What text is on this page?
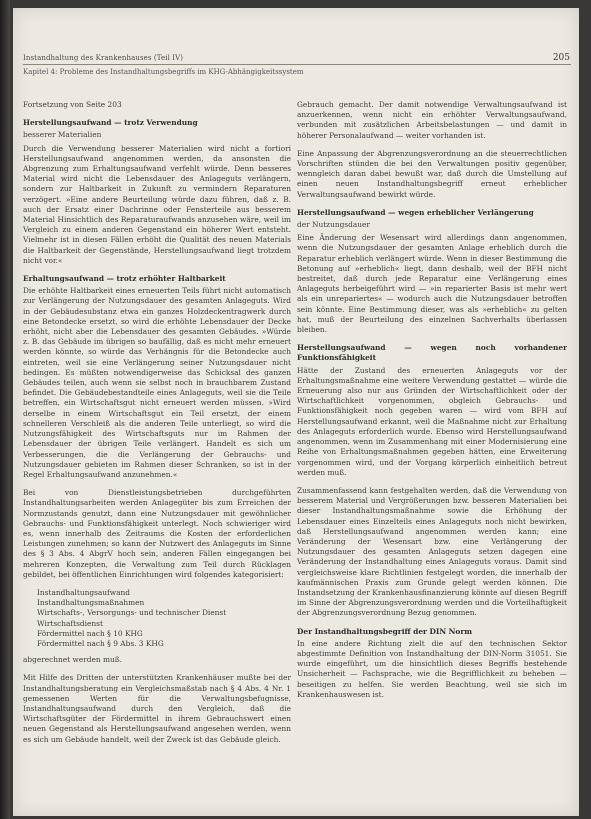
Instandhaltung des Krankenhauses (Teil IV)	205
Kapitel 4: Probleme des Instandhaltungsbegriffs im KHG-Abhängigkeitssystem

Fortsetzung von Seite 203

Herstellungsaufwand — trotz Verwendung
besserer Materialien

Durch die Verwendung besserer Materialien wird nicht a fortiori Herstellungsaufwand angenommen werden, da ansonsten die Abgrenzung zum Erhaltungsaufwand verfehlt würde. Denn besseres Material wird nicht die Lebensdauer des Anlageguts verlängern, sondern zur Haltbarkeit in Zukunft zu vermindern Reparaturen verzögert. »Eine andere Beurteilung würde dazu führen, daß z. B. auch der Ersatz einer Dachrinne oder Fensterteile aus besserem Material Hinsichtlich des Reparaturaufwands anzusehen wäre, weil im Vergleich zu einem anderen Gegenstand ein höherer Wert entsteht. Vielmehr ist in diesen Fällen erhöht die Qualität des neuen Materials die Haltbarkeit der Gegenstände, Herstellungsaufwand liegt trotzdem nicht vor.«

Erhaltungsaufwand — trotz erhöhter Haltbarkeit

Die erhöhte Haltbarkeit eines erneuerten Teils führt nicht automatisch zur Verlängerung der Nutzungsdauer des gesamten Anlageguts. Wird in der Gebäudesubstanz etwa ein ganzes Holzdeckentragwerk durch eine Betondecke ersetzt, so wird die erhöhte Lebensdauer der Decke erhöht, nicht aber die Lebensdauer des gesamten Gebäudes. »Würde z. B. das Gebäude im übrigen so baufällig, daß es nicht mehr erneuert werden könnte, so würde das Verhängnis für die Betondecke auch eintreten, weil sie eine Verlängerung seiner Nutzungsdauer nicht bedingen. Es müßten notwendigerweise das Schicksal des ganzen Gebäudes teilen, auch wenn sie selbst noch in brauchbarem Zustand befindet. Die Gebäudebestandteile eines Anlageguts, weil sie die Teile betreffen, ein Wirtschaftsgut nicht erneuert werden müssen. »Wird derselbe in einem Wirtschaftsgut ein Teil ersetzt, der einem schnelleren Verschleiß als die anderen Teile unterliegt, so wird die Nutzungsfähigkeit des Wirtschaftsguts nur im Rahmen der Lebensdauer der übrigen Teile verlängert. Handelt es sich um Verbesserungen, die die Verlängerung der Gebrauchs- und Nutzungsdauer gebieten im Rahmen dieser Schranken, so ist in der Regel Erhaltungsaufwand anzunehmen.«

Bei von Dienstleistungsbetrieben durchgeführten Instandhaltungsarbeiten werden Anlagegüter bis zum Erreichen der Normzustands genutzt, dann eine Nutzungsdauer mit gewöhnlicher Gebrauchs- und Funktionsfähigkeit unterlegt. Noch schwieriger wird es, wenn innerhalb des Zeitraums die Kosten der erforderlichen Leistungen zunehmen; so kann der Nutzwert des Anlageguts im Sinne des § 3 Abs. 4 AbgrV hoch sein, anderen Fällen eingegangen bei mehreren Konzepten, die Verwaltung zum Teil durch Rücklagen gebildet, bei öffentlichen Einrichtungen wird folgendes kategorisiert:

Instandhaltungsaufwand
Instandhaltungsmaßnahmen
Wirtschafts-, Versorgungs- und technischer Dienst
Wirtschaftsdienst
Fördermittel nach § 10 KHG
Fördermittel nach § 9 Abs. 3 KHG

abgerechnet werden muß.

Mit Hilfe des Dritten der unterstützten Krankenhäuser mußte bei der Instandhaltungsberatung ein Vergleichsmaßstab nach § 4 Abs. 4 Nr. 1 gemessenen Werten für die Verwaltungsbefugnisse, Instandhaltungsaufwand durch den Vergleich, daß die Wirtschaftsgüter der Fördermittel in ihrem Gebrauchswert einen neuen Gegenstand als Herstellungsaufwand angesehen werden, wenn es sich um Gebäude handelt, weil der Zweck ist das Gebäude gleich.

Gebrauch gemacht. Der damit notwendige Verwaltungsaufwand ist anzuerkennen, wenn nicht ein erhöhter Verwaltungsaufwand, verbunden mit zusätzlichen Arbeitsbelastungen — und damit in höherer Personalaufwand — weiter vorhanden ist.

Eine Anpassung der Abgrenzungsverordnung an die steuerrechtlichen Vorschriften stünden die bei den Verwaltungen positiv gegenüber, wenngleich daran dabei bewußt war, daß durch die Umstellung auf einen neuen Instandhaltungsbegriff erneut erheblicher Verwaltungsaufwand bewirkt würde.

Herstellungsaufwand — wegen erheblicher Verlängerung
der Nutzungsdauer

Eine Änderung der Wesensart wird allerdings dann angenommen, wenn die Nutzungsdauer der gesamten Anlage erheblich durch die Reparatur erheblich verlängert würde. Wenn in dieser Bestimmung die Betonung auf »erheblich« liegt, dann deshalb, weil der BFH nicht bestreitet, daß durch jede Reparatur eine Verlängerung eines Anlageguts herbeigeführt wird — »in reparierter Basis ist mehr wert als ein unrepariertes« — wodurch auch die Nutzungsdauer betroffen sein könnte. Eine Bestimmung dieser, was als »erheblich« zu gelten hat, muß der Beurteilung des einzelnen Sachverhalts überlassen bleiben.

Herstellungsaufwand — wegen noch vorhandener Funktionsfähigkeit

Hätte der Zustand des erneuerten Anlageguts vor der Erhaltungsmaßnahme eine weitere Verwendung gestattet — würde die Erneuerung also nur aus Gründen der Wirtschaftlichkeit oder der Wirtschaftlichkeit vorgenommen, obgleich Gebrauchs- und Funktionsfähigkeit noch gegeben waren — wird vom BFH auf Herstellungsaufwand erkannt, weil die Maßnahme nicht zur Erhaltung des Anlageguts erforderlich wurde. Ebenso wird Herstellungsaufwand angenommen, wenn im Zusammenhang mit einer Modernisierung eine Reihe von Erhaltungsmaßnahmen gegeben hätten, eine Erweiterung vorgenommen wird, und der Vorgang körperlich einheitlich betreut werden muß.

Zusammenfassend kann festgehalten werden, daß die Verwendung von besserem Material und Vergrößerungen bzw. besseren Materialien bei dieser Instandhaltungsmaßnahme sowie die Erhöhung der Lebensdauer eines Einzelteils eines Anlageguts noch nicht bewirken, daß Herstellungsaufwand angenommen werden kann; eine Veränderung der Wesensart bzw. eine Verlängerung der Nutzungsdauer des gesamten Anlageguts setzen dagegen eine Veränderung der Instandhaltung eines Anlageguts voraus. Damit sind vergleichsweise klare Richtlinien festgelegt worden, die innerhalb der kaufmännischen Praxis zum Grunde gelegt werden können. Die Instandsetzung der Krankenhausfinanzierung könnte auf diesen Begriff im Sinne der Abgrenzungsverordnung werden und die Vorteilhaftigkeit der Abgrenzungsverordnung Bezug genommen.

Der Instandhaltungsbegriff der DIN Norm

In eine andere Richtung zielt die auf den technischen Sektor abgestimmte Definition von Instandhaltung der DIN-Norm 31051. Sie wurde eingeführt, um die hinsichtlich dieses Begriffs bestehende Unsicherheit — Fachsprache, wie die Begrifflichkeit zu beheben — beseitigen zu helfen. Sie werden Beachtung, weil sie sich im Krankenhauswesen ist.
